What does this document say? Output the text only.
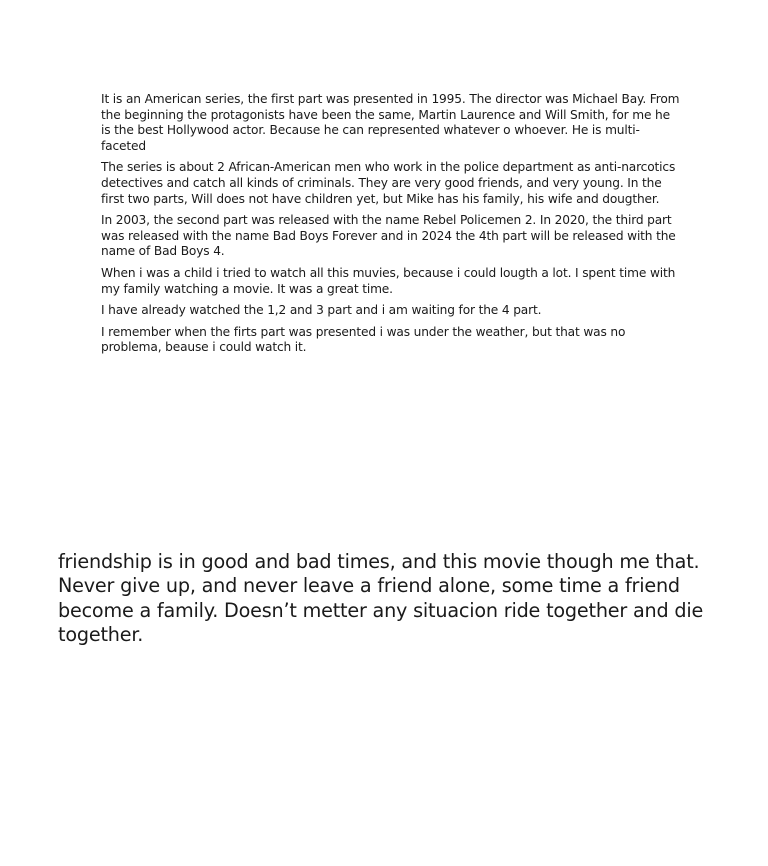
It is an American series, the first part was presented in 1995. The director was Michael Bay. From the beginning the protagonists have been the same, Martin Laurence and Will Smith, for me he is the best Hollywood actor. Because he can represented whatever o whoever. He is multi- faceted

The series is about 2 African-American men who work in the police department as anti-narcotics detectives and catch all kinds of criminals. They are very good friends, and very young. In the first two parts, Will does not have children yet, but Mike has his family, his wife and dougther.

In 2003, the second part was released with the name Rebel Policemen 2. In 2020, the third part was released with the name Bad Boys Forever and in 2024 the 4th part will be released with the name of Bad Boys 4.

When i was a child i tried to watch all this muvies, because i could lougth a lot. I spent time with my family watching a movie. It was a great time.

I have already watched the 1,2 and 3 part and i am waiting for the 4 part.

I remember when the firts part was presented i was under the weather, but that was no problema, beause i could watch it.

friendship is in good and bad times, and this movie though me that. Never give up, and never leave a friend alone, some time a friend become a family. Doesn’t metter any situacion ride together and die together.
